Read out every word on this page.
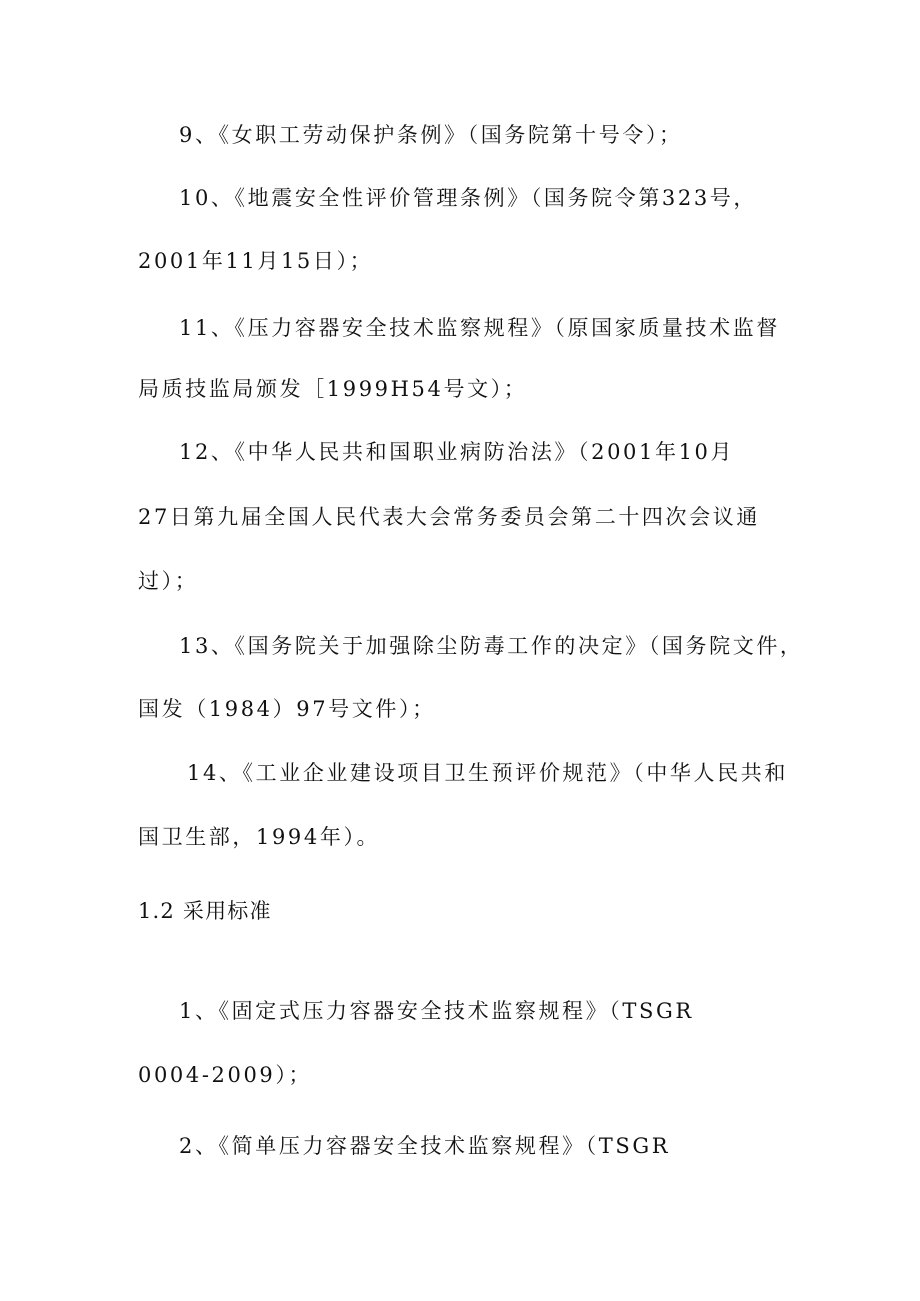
9、《女职工劳动保护条例》（国务院第十号令）；
10、《地震安全性评价管理条例》（国务院令第323号，
2001年11月15日）；
11、《压力容器安全技术监察规程》（原国家质量技术监督
局质技监局颁发［1999H54号文）；
12、《中华人民共和国职业病防治法》（2001年10月
27日第九届全国人民代表大会常务委员会第二十四次会议通
过）；
13、《国务院关于加强除尘防毒工作的决定》（国务院文件，
国发（1984）97号文件）；
14、《工业企业建设项目卫生预评价规范》（中华人民共和
国卫生部，1994年）。
1.2 采用标准
1、《固定式压力容器安全技术监察规程》（TSGR
0004-2009）；
2、《简单压力容器安全技术监察规程》（TSGR
